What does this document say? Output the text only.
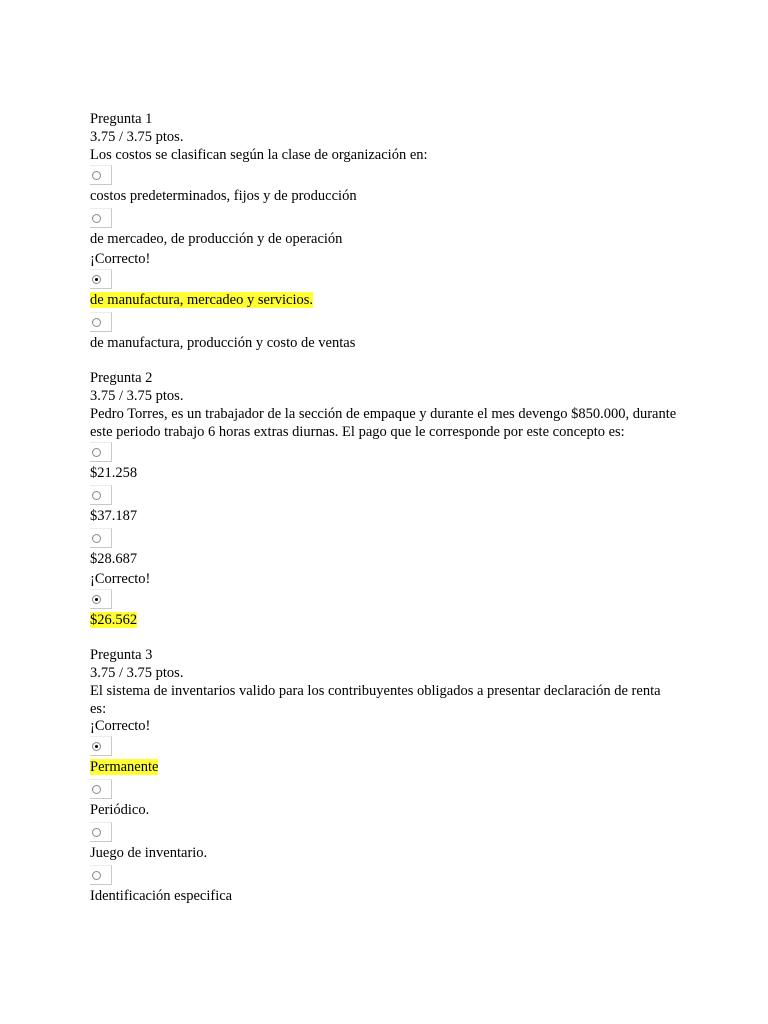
Pregunta 1
3.75 / 3.75 ptos.
Los costos se clasifican según la clase de organización en:
costos predeterminados, fijos y de producción
de mercadeo, de producción y de operación
¡Correcto!
de manufactura, mercadeo y servicios.
de manufactura, producción y costo de ventas
Pregunta 2
3.75 / 3.75 ptos.
Pedro Torres, es un trabajador de la sección de empaque y durante el mes devengo $850.000, durante este periodo trabajo 6 horas extras diurnas. El pago que le corresponde por este concepto es:
$21.258
$37.187
$28.687
¡Correcto!
$26.562
Pregunta 3
3.75 / 3.75 ptos.
El sistema de inventarios valido para los contribuyentes obligados a presentar declaración de renta es:
¡Correcto!
Permanente
Periódico.
Juego de inventario.
Identificación especifica
